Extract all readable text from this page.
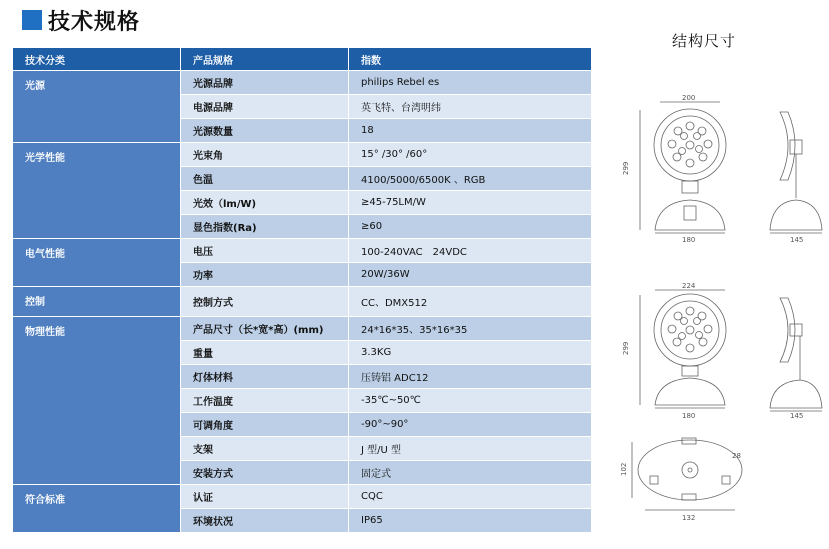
技术规格
结构尺寸
技术分类	产品规格	指数
光源	光源品牌	philips Rebel es
	电源品牌	英飞特、台湾明纬
	光源数量	18
光学性能	光束角	15° /30° /60°
	色温	4100/5000/6500K 、RGB
	光效（lm/W)	≥45-75LM/W
	显色指数(Ra)	≥60
电气性能	电压	100-240VAC　24VDC
	功率	20W/36W
控制	控制方式	CC、DMX512
物理性能	产品尺寸（长*宽*高）(mm)	24*16*35、35*16*35
	重量	3.3KG
	灯体材料	压铸铝 ADC12
	工作温度	-35℃~50℃
	可调角度	-90°~90°
	支架	J 型/U 型
	安装方式	固定式
符合标准	认证	CQC
	环境状况	IP65
200
299
180	145
224
299
180	145
102
132
28
